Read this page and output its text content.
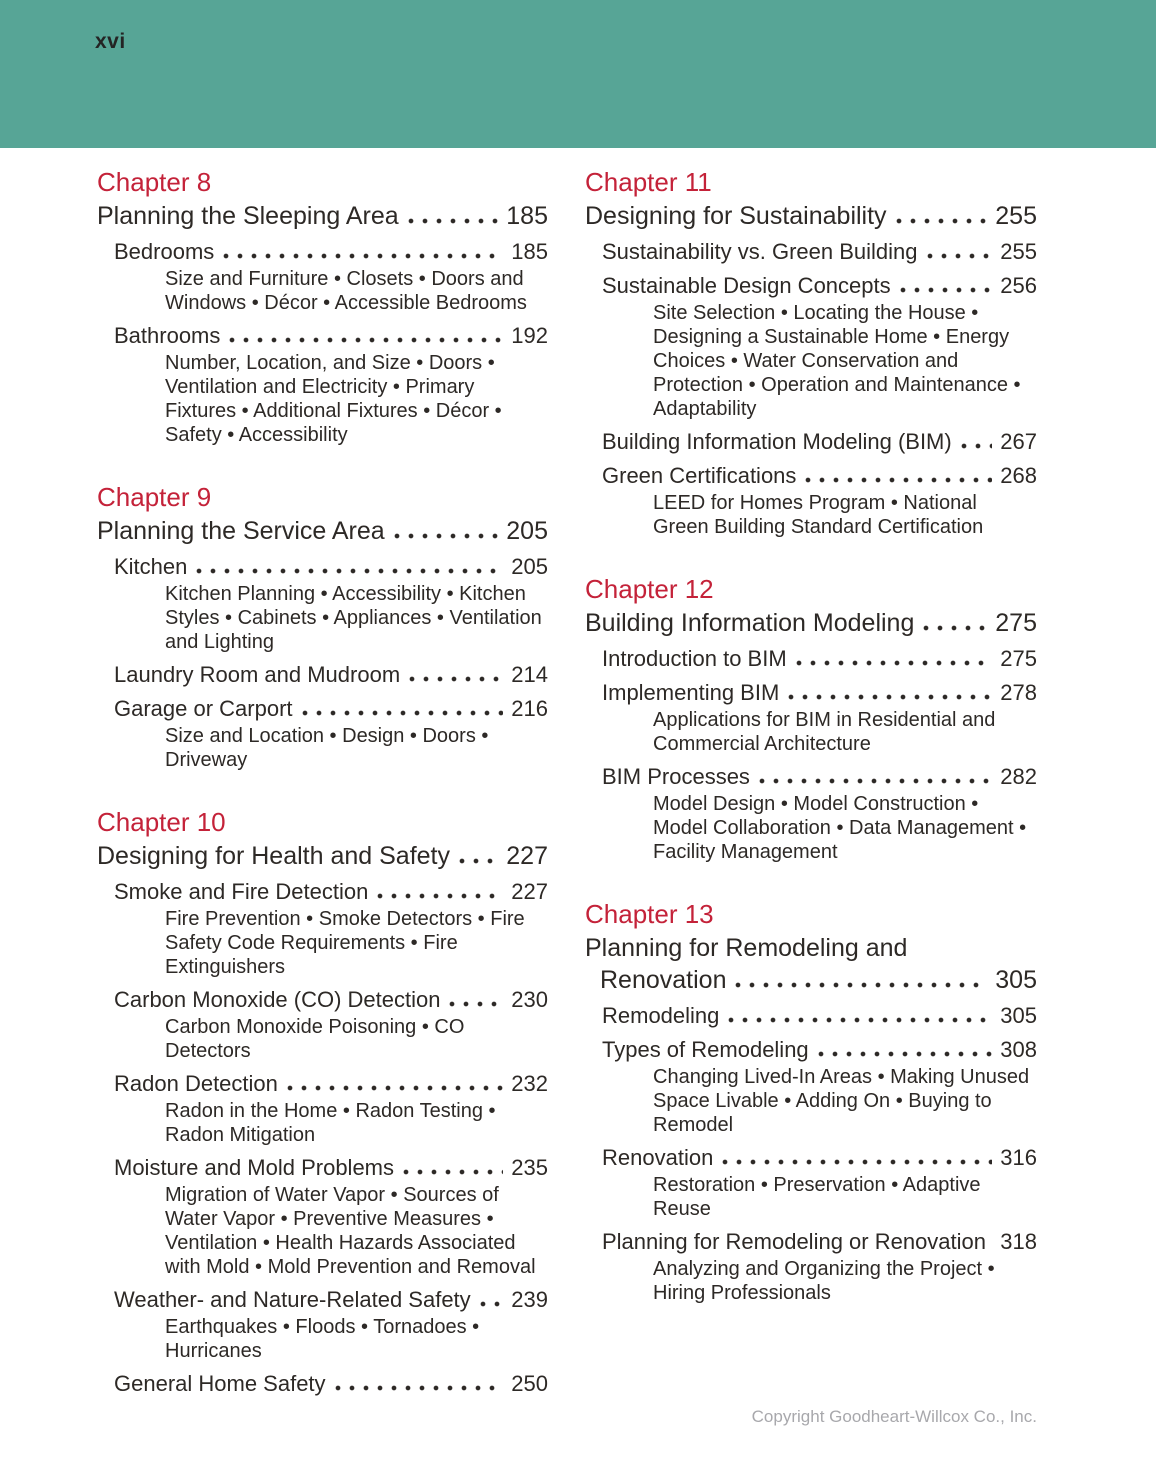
xvi
Chapter 8
Planning the Sleeping Area	185
Bedrooms	185
Size and Furniture • Closets • Doors and Windows • Décor • Accessible Bedrooms
Bathrooms	192
Number, Location, and Size • Doors • Ventilation and Electricity • Primary Fixtures • Additional Fixtures • Décor • Safety • Accessibility
Chapter 9
Planning the Service Area	205
Kitchen	205
Kitchen Planning • Accessibility • Kitchen Styles • Cabinets • Appliances • Ventilation and Lighting
Laundry Room and Mudroom	214
Garage or Carport	216
Size and Location • Design • Doors • Driveway
Chapter 10
Designing for Health and Safety 227
Smoke and Fire Detection	227
Fire Prevention • Smoke Detectors • Fire Safety Code Requirements • Fire Extinguishers
Carbon Monoxide (CO) Detection	230
Carbon Monoxide Poisoning • CO Detectors
Radon Detection	232
Radon in the Home • Radon Testing • Radon Mitigation
Moisture and Mold Problems	235
Migration of Water Vapor • Sources of Water Vapor • Preventive Measures • Ventilation • Health Hazards Associated with Mold • Mold Prevention and Removal
Weather- and Nature-Related Safety 239
Earthquakes • Floods • Tornadoes • Hurricanes
General Home Safety	250
Chapter 11
Designing for Sustainability	255
Sustainability vs. Green Building	255
Sustainable Design Concepts	256
Site Selection • Locating the House • Designing a Sustainable Home • Energy Choices • Water Conservation and Protection • Operation and Maintenance • Adaptability
Building Information Modeling (BIM) 267
Green Certifications	268
LEED for Homes Program • National Green Building Standard Certification
Chapter 12
Building Information Modeling	275
Introduction to BIM	275
Implementing BIM	278
Applications for BIM in Residential and Commercial Architecture
BIM Processes	282
Model Design • Model Construction • Model Collaboration • Data Management • Facility Management
Chapter 13
Planning for Remodeling and
Renovation	305
Remodeling	305
Types of Remodeling	308
Changing Lived-In Areas • Making Unused Space Livable • Adding On • Buying to Remodel
Renovation	316
Restoration • Preservation • Adaptive Reuse
Planning for Remodeling or Renovation 318
Analyzing and Organizing the Project • Hiring Professionals
Copyright Goodheart-Willcox Co., Inc.
